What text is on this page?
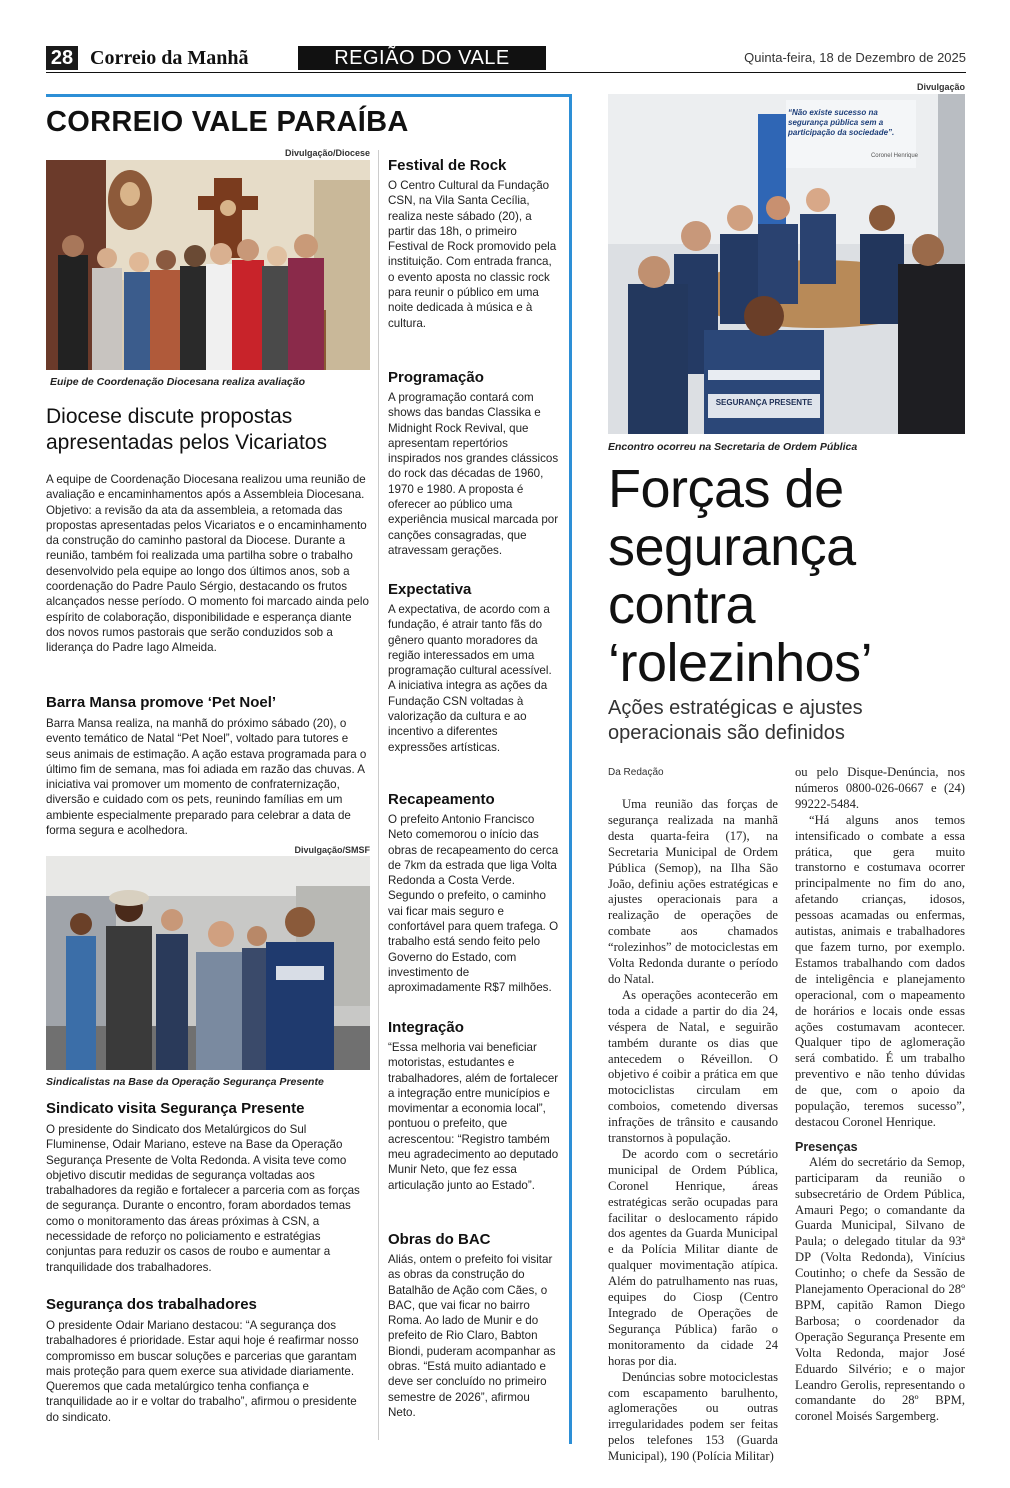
28 Correio da Manhã	REGIÃO DO VALE	Quinta-feira, 18 de Dezembro de 2025
CORREIO VALE PARAÍBA
Divulgação/Diocese
Euipe de Coordenação Diocesana realiza avaliação
Diocese discute propostas apresentadas pelos Vicariatos
A equipe de Coordenação Diocesana realizou uma reunião de avaliação e encaminhamentos após a Assembleia Diocesana. Objetivo: a revisão da ata da assembleia, a retomada das propostas apresentadas pelos Vicariatos e o encaminhamento da construção do caminho pastoral da Diocese. Durante a reunião, também foi realizada uma partilha sobre o trabalho desenvolvido pela equipe ao longo dos últimos anos, sob a coordenação do Padre Paulo Sérgio, destacando os frutos alcançados nesse período. O momento foi marcado ainda pelo espírito de colaboração, disponibilidade e esperança diante dos novos rumos pastorais que serão conduzidos sob a liderança do Padre Iago Almeida.
Barra Mansa promove ‘Pet Noel’
Barra Mansa realiza, na manhã do próximo sábado (20), o evento temático de Natal “Pet Noel”, voltado para tutores e seus animais de estimação. A ação estava programada para o último fim de semana, mas foi adiada em razão das chuvas. A iniciativa vai promover um momento de confraternização, diversão e cuidado com os pets, reunindo famílias em um ambiente especialmente preparado para celebrar a data de forma segura e acolhedora.
Divulgação/SMSF
Sindicalistas na Base da Operação Segurança Presente
Sindicato visita Segurança Presente
O presidente do Sindicato dos Metalúrgicos do Sul Fluminense, Odair Mariano, esteve na Base da Operação Segurança Presente de Volta Redonda. A visita teve como objetivo discutir medidas de segurança voltadas aos trabalhadores da região e fortalecer a parceria com as forças de segurança. Durante o encontro, foram abordados temas como o monitoramento das áreas próximas à CSN, a necessidade de reforço no policiamento e estratégias conjuntas para reduzir os casos de roubo e aumentar a tranquilidade dos trabalhadores.
Segurança dos trabalhadores
O presidente Odair Mariano destacou: “A segurança dos trabalhadores é prioridade. Estar aqui hoje é reafirmar nosso compromisso em buscar soluções e parcerias que garantam mais proteção para quem exerce sua atividade diariamente. Queremos que cada metalúrgico tenha confiança e tranquilidade ao ir e voltar do trabalho”, afirmou o presidente do sindicato.
Festival de Rock
O Centro Cultural da Fundação CSN, na Vila Santa Cecília, realiza neste sábado (20), a partir das 18h, o primeiro Festival de Rock promovido pela instituição. Com entrada franca, o evento aposta no classic rock para reunir o público em uma noite dedicada à música e à cultura.
Programação
A programação contará com shows das bandas Classika e Midnight Rock Revival, que apresentam repertórios inspirados nos grandes clássicos do rock das décadas de 1960, 1970 e 1980. A proposta é oferecer ao público uma experiência musical marcada por canções consagradas, que atravessam gerações.
Expectativa
A expectativa, de acordo com a fundação, é atrair tanto fãs do gênero quanto moradores da região interessados em uma programação cultural acessível. A iniciativa integra as ações da Fundação CSN voltadas à valorização da cultura e ao incentivo a diferentes expressões artísticas.
Recapeamento
O prefeito Antonio Francisco Neto comemorou o início das obras de recapeamento do cerca de 7km da estrada que liga Volta Redonda a Costa Verde. Segundo o prefeito, o caminho vai ficar mais seguro e confortável para quem trafega. O trabalho está sendo feito pelo Governo do Estado, com investimento de aproximadamente R$7 milhões.
Integração
“Essa melhoria vai beneficiar motoristas, estudantes e trabalhadores, além de fortalecer a integração entre municípios e movimentar a economia local”, pontuou o prefeito, que acrescentou: “Registro também meu agradecimento ao deputado Munir Neto, que fez essa articulação junto ao Estado”.
Obras do BAC
Aliás, ontem o prefeito foi visitar as obras da construção do Batalhão de Ação com Cães, o BAC, que vai ficar no bairro Roma. Ao lado de Munir e do prefeito de Rio Claro, Babton Biondi, puderam acompanhar as obras. “Está muito adiantado e deve ser concluído no primeiro semestre de 2026”, afirmou Neto.
Divulgação
“Não existe sucesso na segurança pública sem a participação da sociedade”.
Coronel Henrique
SEGURANÇA PRESENTE
Encontro ocorreu na Secretaria de Ordem Pública
Forças de segurança contra ‘rolezinhos’
Ações estratégicas e ajustes operacionais são definidos
Da Redação

Uma reunião das forças de segurança realizada na manhã desta quarta-feira (17), na Secretaria Municipal de Ordem Pública (Semop), na Ilha São João, definiu ações estratégicas e ajustes operacionais para a realização de operações de combate aos chamados “rolezinhos” de motociclestas em Volta Redonda durante o período do Natal.

As operações acontecerão em toda a cidade a partir do dia 24, véspera de Natal, e seguirão também durante os dias que antecedem o Réveillon. O objetivo é coibir a prática em que motociclistas circulam em comboios, cometendo diversas infrações de trânsito e causando transtornos à população.

De acordo com o secretário municipal de Ordem Pública, Coronel Henrique, áreas estratégicas serão ocupadas para facilitar o deslocamento rápido dos agentes da Guarda Municipal e da Polícia Militar diante de qualquer movimentação atípica. Além do patrulhamento nas ruas, equipes do Ciosp (Centro Integrado de Operações de Segurança Pública) farão o monitoramento da cidade 24 horas por dia.

Denúncias sobre motociclestas com escapamento barulhento, aglomerações ou outras irregularidades podem ser feitas pelos telefones 153 (Guarda Municipal), 190 (Polícia Militar)

ou pelo Disque-Denúncia, nos números 0800-026-0667 e (24) 99222-5484.

“Há alguns anos temos intensificado o combate a essa prática, que gera muito transtorno e costumava ocorrer principalmente no fim do ano, afetando crianças, idosos, pessoas acamadas ou enfermas, autistas, animais e trabalhadores que fazem turno, por exemplo. Estamos trabalhando com dados de inteligência e planejamento operacional, com o mapeamento de horários e locais onde essas ações costumavam acontecer. Qualquer tipo de aglomeração será combatido. É um trabalho preventivo e não tenho dúvidas de que, com o apoio da população, teremos sucesso”, destacou Coronel Henrique.

Presenças

Além do secretário da Semop, participaram da reunião o subsecretário de Ordem Pública, Amauri Pego; o comandante da Guarda Municipal, Silvano de Paula; o delegado titular da 93ª DP (Volta Redonda), Vinícius Coutinho; o chefe da Sessão de Planejamento Operacional do 28º BPM, capitão Ramon Diego Barbosa; o coordenador da Operação Segurança Presente em Volta Redonda, major José Eduardo Silvério; e o major Leandro Gerolis, representando o comandante do 28º BPM, coronel Moisés Sargemberg.
